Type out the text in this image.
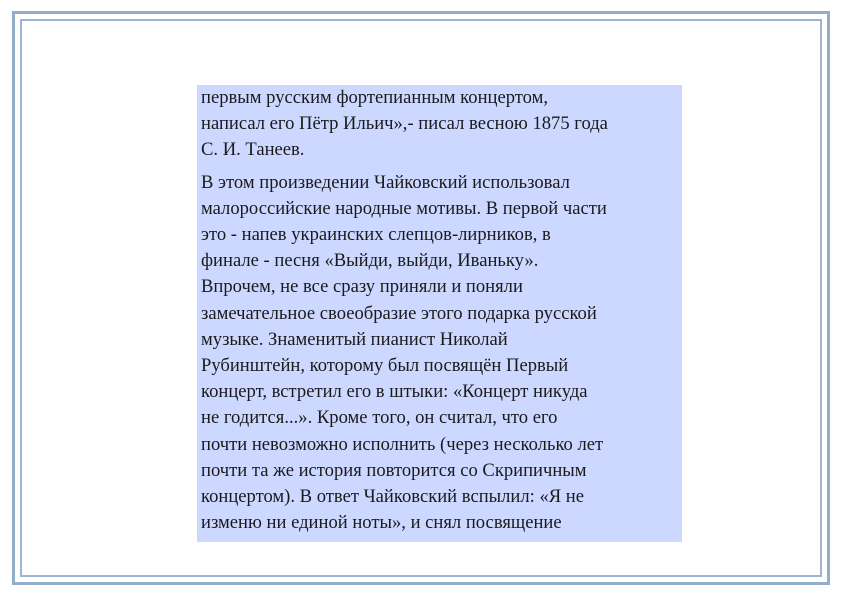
первым русским фортепианным концертом,
написал его Пётр Ильич»,- писал весною 1875 года
С. И. Танеев.

В этом произведении Чайковский использовал
малороссийские народные мотивы. В первой части
это - напев украинских слепцов-лирников, в
финале - песня «Выйди, выйди, Иваньку».
Впрочем, не все сразу приняли и поняли
замечательное своеобразие этого подарка русской
музыке. Знаменитый пианист Николай
Рубинштейн, которому был посвящён Первый
концерт, встретил его в штыки: «Концерт никуда
не годится...». Кроме того, он считал, что его
почти невозможно исполнить (через несколько лет
почти та же история повторится со Скрипичным
концертом). В ответ Чайковский вспылил: «Я не
изменю ни единой ноты», и снял посвящение
